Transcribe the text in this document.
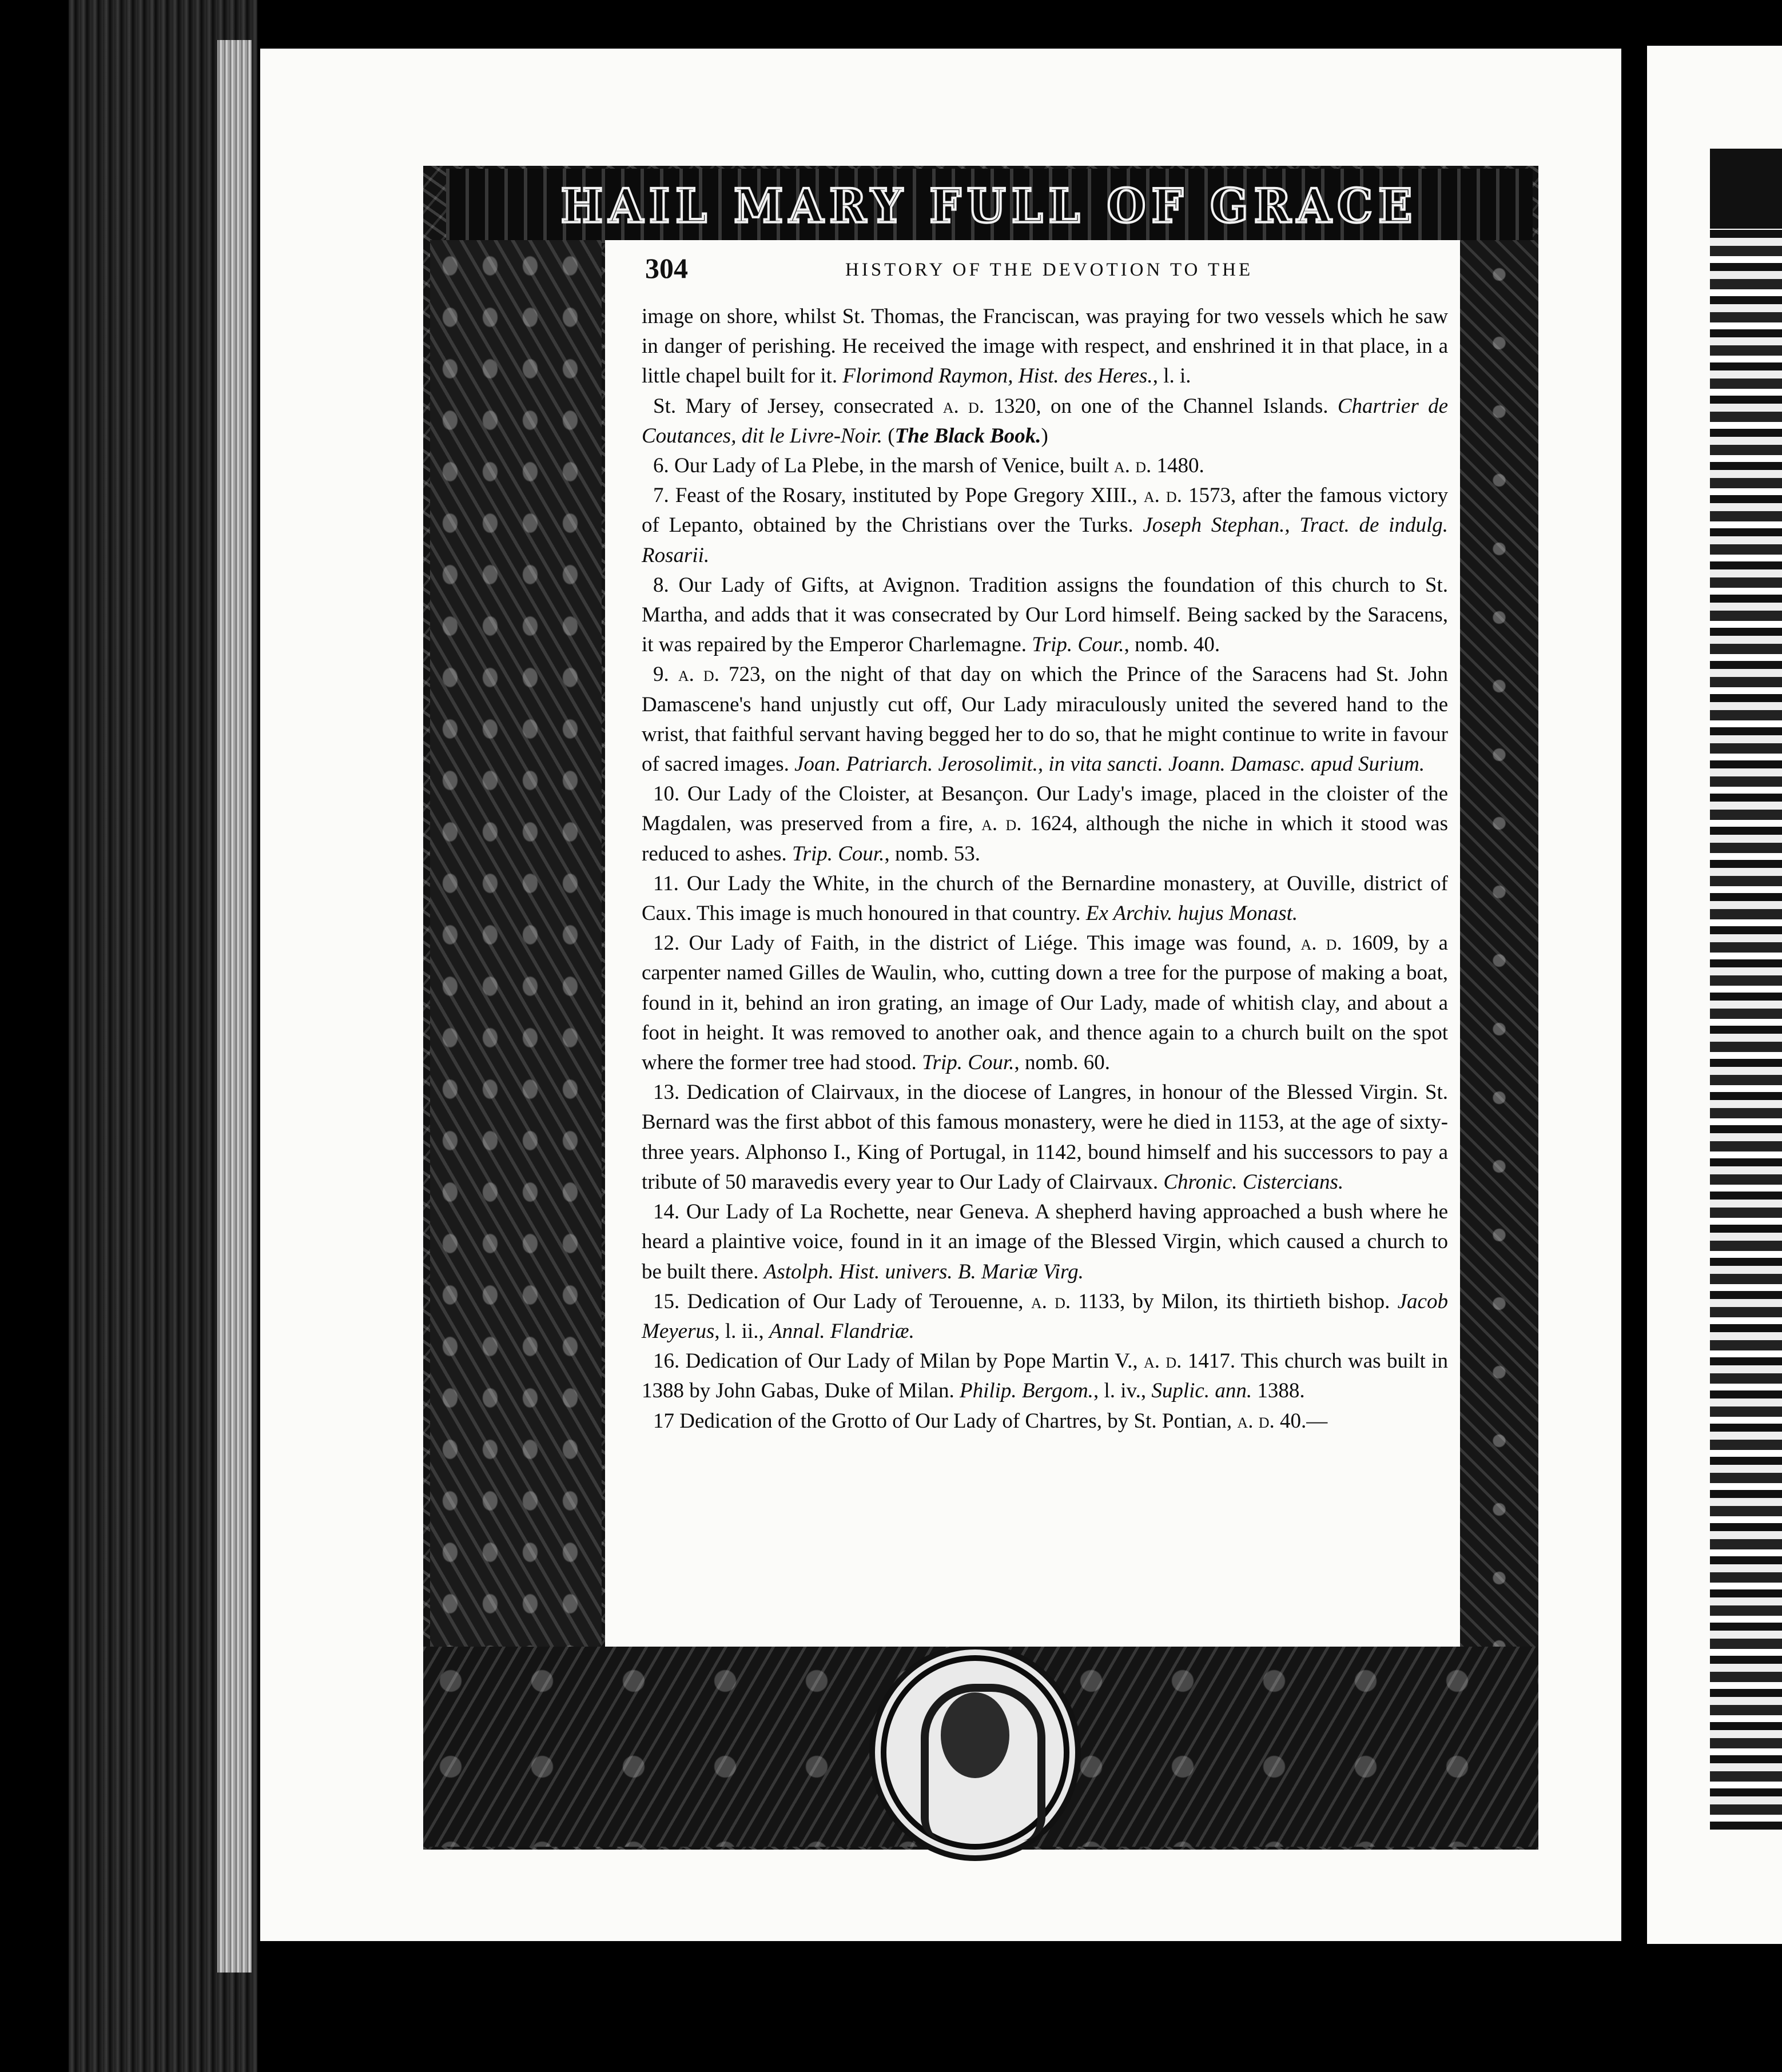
HAIL MARY FULL OF GRACE
304	HISTORY OF THE DEVOTION TO THE

image on shore, whilst St. Thomas, the Franciscan, was praying for two vessels which he saw in danger of perishing. He received the image with respect, and enshrined it in that place, in a little chapel built for it. Florimond Raymon, Hist. des Heres., l. i.

St. Mary of Jersey, consecrated a. d. 1320, on one of the Channel Islands. Chartrier de Coutances, dit le Livre-Noir. (The Black Book.)

6. Our Lady of La Plebe, in the marsh of Venice, built a. d. 1480.

7. Feast of the Rosary, instituted by Pope Gregory XIII., a. d. 1573, after the famous victory of Lepanto, obtained by the Christians over the Turks. Joseph Stephan., Tract. de indulg. Rosarii.

8. Our Lady of Gifts, at Avignon. Tradition assigns the foundation of this church to St. Martha, and adds that it was consecrated by Our Lord himself. Being sacked by the Saracens, it was repaired by the Emperor Charlemagne. Trip. Cour., nomb. 40.

9. a. d. 723, on the night of that day on which the Prince of the Saracens had St. John Damascene's hand unjustly cut off, Our Lady miraculously united the severed hand to the wrist, that faithful servant having begged her to do so, that he might continue to write in favour of sacred images. Joan. Patriarch. Jerosolimit., in vita sancti. Joann. Damasc. apud Surium.

10. Our Lady of the Cloister, at Besançon. Our Lady's image, placed in the cloister of the Magdalen, was preserved from a fire, a. d. 1624, although the niche in which it stood was reduced to ashes. Trip. Cour., nomb. 53.

11. Our Lady the White, in the church of the Bernardine monastery, at Ouville, district of Caux. This image is much honoured in that country. Ex Archiv. hujus Monast.

12. Our Lady of Faith, in the district of Liége. This image was found, a. d. 1609, by a carpenter named Gilles de Waulin, who, cutting down a tree for the purpose of making a boat, found in it, behind an iron grating, an image of Our Lady, made of whitish clay, and about a foot in height. It was removed to another oak, and thence again to a church built on the spot where the former tree had stood. Trip. Cour., nomb. 60.

13. Dedication of Clairvaux, in the diocese of Langres, in honour of the Blessed Virgin. St. Bernard was the first abbot of this famous monastery, were he died in 1153, at the age of sixty-three years. Alphonso I., King of Portugal, in 1142, bound himself and his successors to pay a tribute of 50 maravedis every year to Our Lady of Clairvaux. Chronic. Cistercians.

14. Our Lady of La Rochette, near Geneva. A shepherd having approached a bush where he heard a plaintive voice, found in it an image of the Blessed Virgin, which caused a church to be built there. Astolph. Hist. univers. B. Mariæ Virg.

15. Dedication of Our Lady of Terouenne, a. d. 1133, by Milon, its thirtieth bishop. Jacob Meyerus, l. ii., Annal. Flandriæ.

16. Dedication of Our Lady of Milan by Pope Martin V., a. d. 1417. This church was built in 1388 by John Gabas, Duke of Milan. Philip. Bergom., l. iv., Suplic. ann. 1388.

17 Dedication of the Grotto of Our Lady of Chartres, by St. Pontian, a. d. 40.—
